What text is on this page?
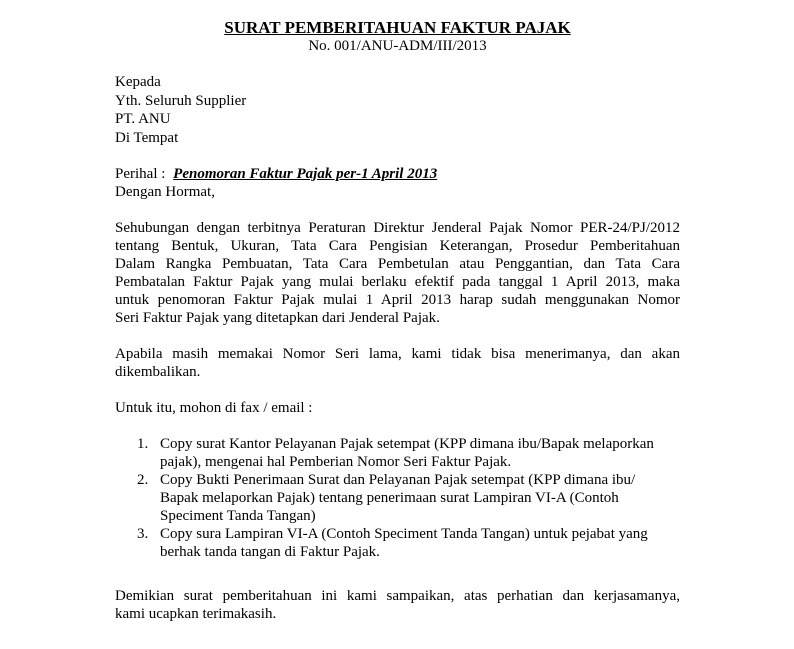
SURAT PEMBERITAHUAN FAKTUR PAJAK
No. 001/ANU-ADM/III/2013
Kepada
Yth. Seluruh Supplier
PT. ANU
Di Tempat
Perihal : Penomoran Faktur Pajak per-1 April 2013
Dengan Hormat,
Sehubungan dengan terbitnya Peraturan Direktur Jenderal Pajak Nomor PER-24/PJ/2012
tentang Bentuk, Ukuran, Tata Cara Pengisian Keterangan, Prosedur Pemberitahuan
Dalam Rangka Pembuatan, Tata Cara Pembetulan atau Penggantian, dan Tata Cara
Pembatalan Faktur Pajak yang mulai berlaku efektif pada tanggal 1 April 2013, maka
untuk penomoran Faktur Pajak mulai 1 April 2013 harap sudah menggunakan Nomor
Seri Faktur Pajak yang ditetapkan dari Jenderal Pajak.
Apabila masih memakai Nomor Seri lama, kami tidak bisa menerimanya, dan akan
dikembalikan.
Untuk itu, mohon di fax / email :
1. Copy surat Kantor Pelayanan Pajak setempat (KPP dimana ibu/Bapak melaporkan
pajak), mengenai hal Pemberian Nomor Seri Faktur Pajak.
2. Copy Bukti Penerimaan Surat dan Pelayanan Pajak setempat (KPP dimana ibu/
Bapak melaporkan Pajak) tentang penerimaan surat Lampiran VI-A (Contoh
Speciment Tanda Tangan)
3. Copy sura Lampiran VI-A (Contoh Speciment Tanda Tangan) untuk pejabat yang
berhak tanda tangan di Faktur Pajak.
Demikian surat pemberitahuan ini kami sampaikan, atas perhatian dan kerjasamanya,
kami ucapkan terimakasih.
